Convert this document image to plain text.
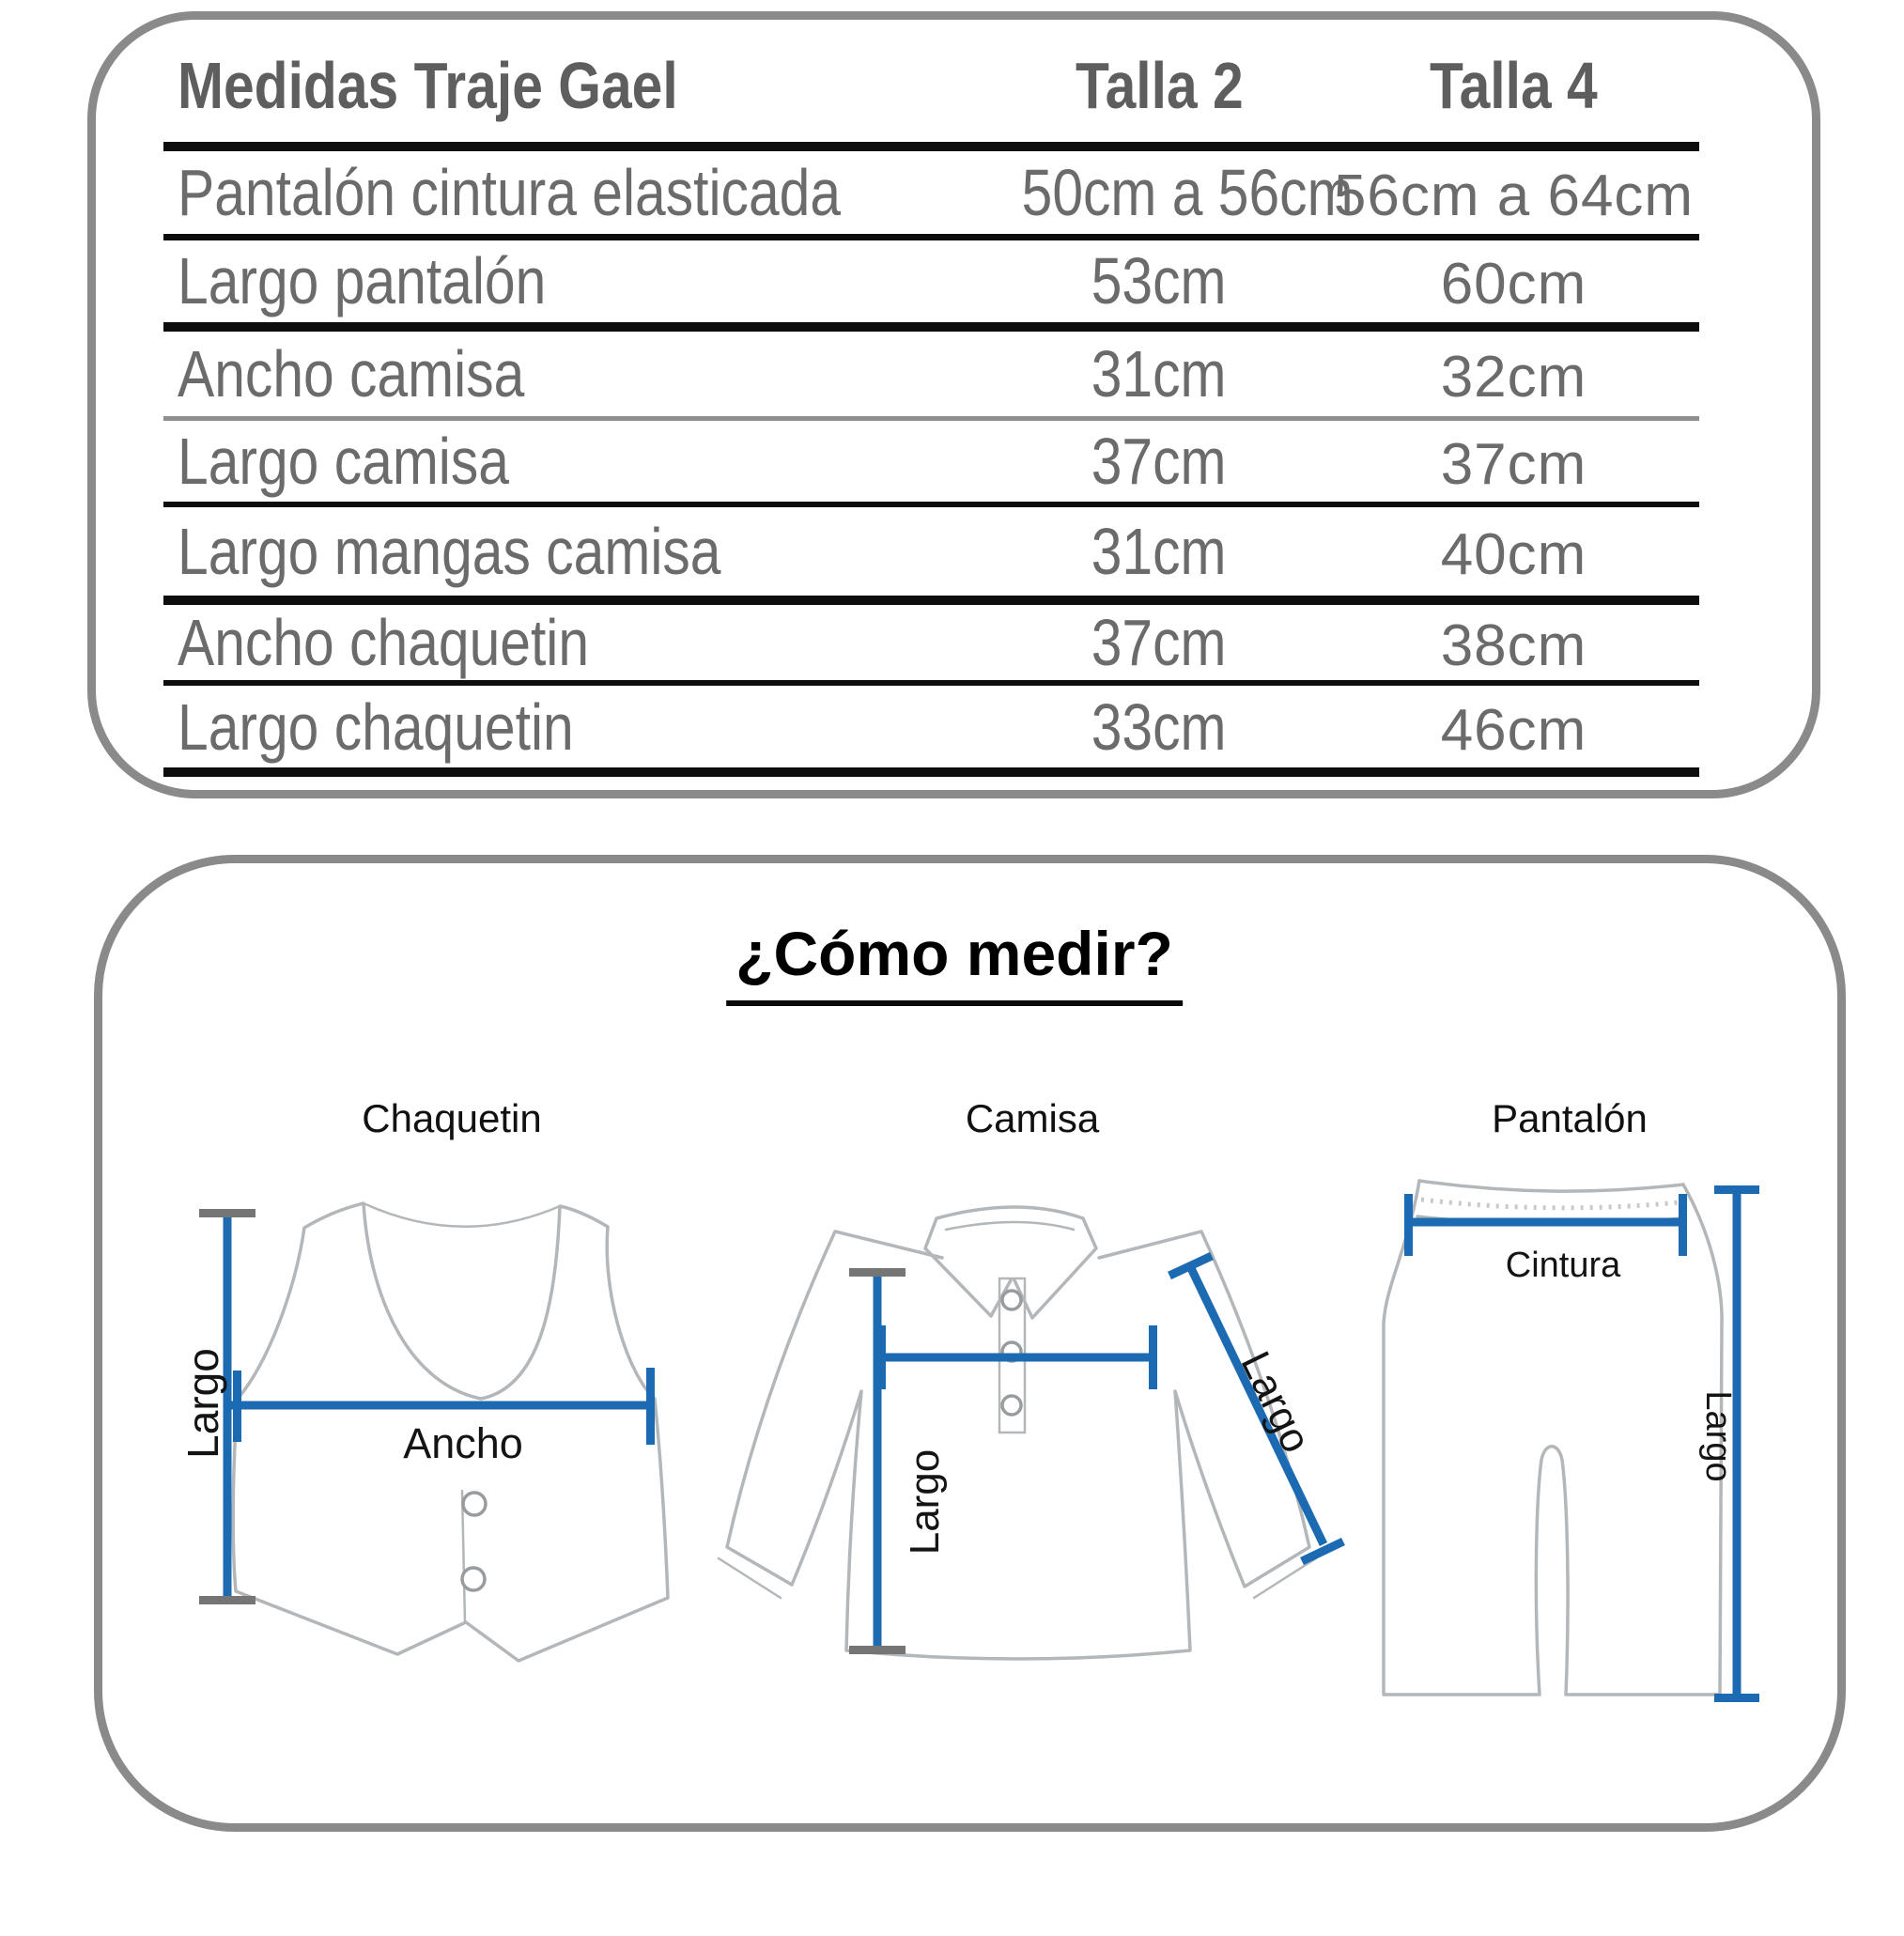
Medidas Traje Gael	Talla 2	Talla 4
Pantalón cintura elasticada	50cm a 56cm	56cm a 64cm
Largo pantalón	53cm	60cm
Ancho camisa	31cm	32cm
Largo camisa	37cm	37cm
Largo mangas camisa	31cm	40cm
Ancho chaquetin	37cm	38cm
Largo chaquetin	33cm	46cm
¿Cómo medir?
Chaquetin	Camisa	Pantalón
Largo	Ancho
Largo
Largo
Cintura
Largo
